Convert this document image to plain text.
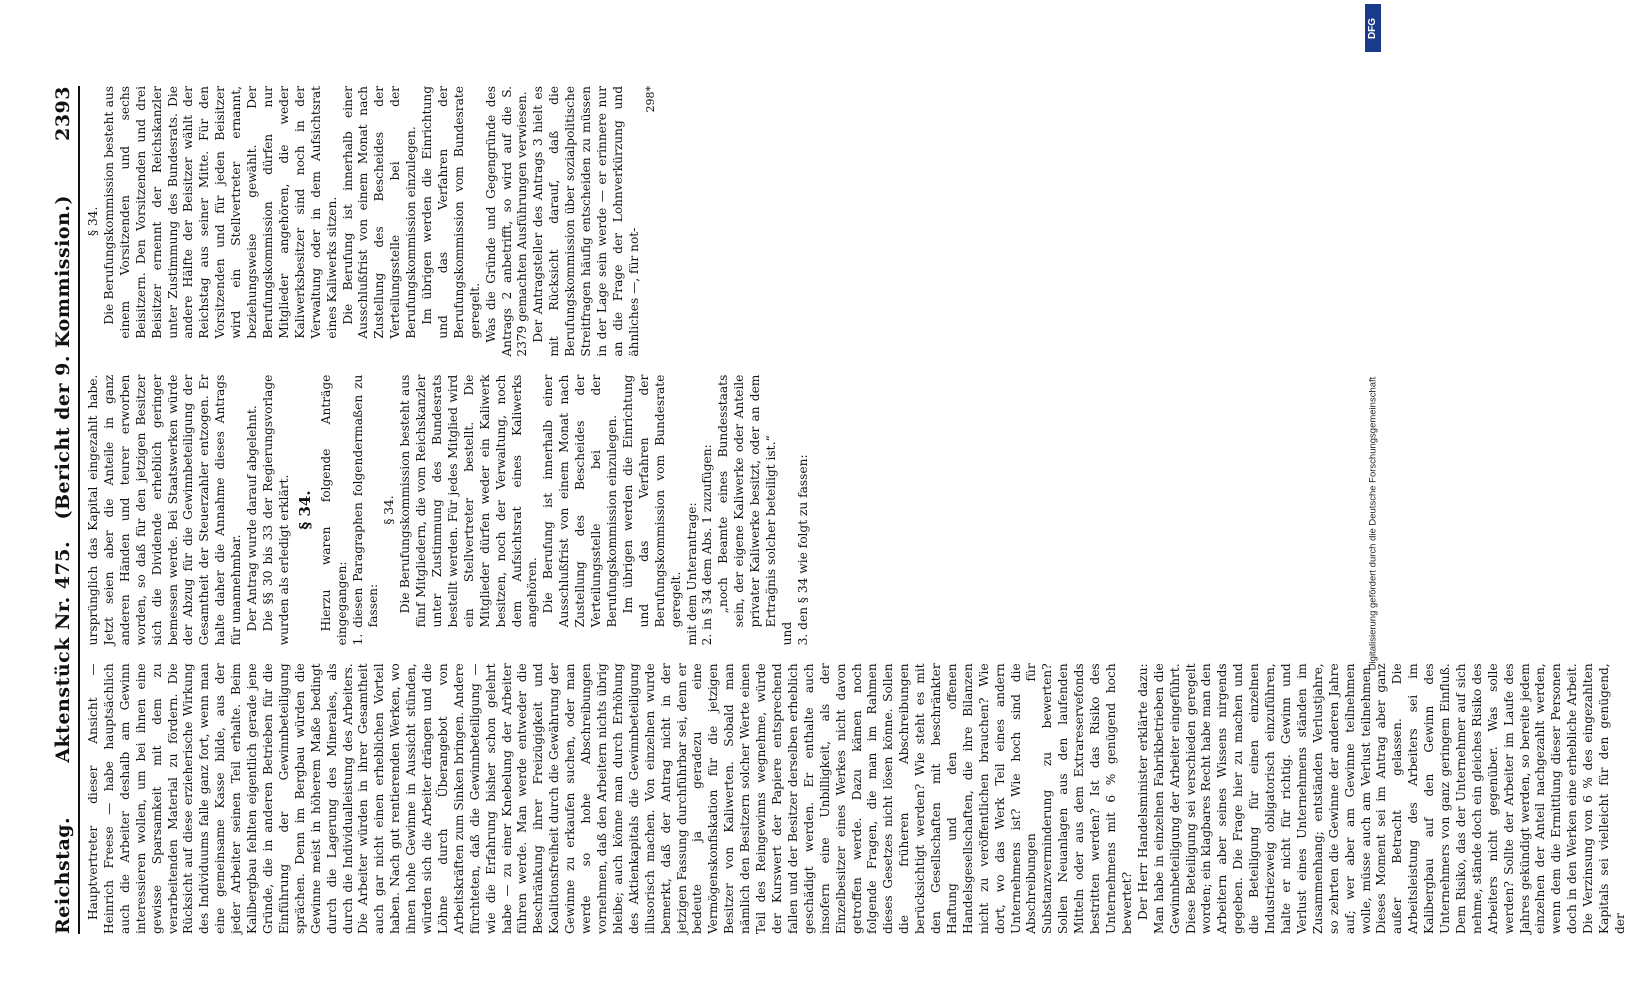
Reichstag.
Aktenstück Nr. 475.   (Bericht der 9. Kommission.)
2393

Hauptvertreter dieser Ansicht — Heinrich Freese — habe hauptsächlich auch die Arbeiter deshalb am Gewinn interessieren wollen, um bei ihnen eine gewisse Sparsamkeit mit dem zu verarbeitenden Material zu fördern. Die Rücksicht auf diese erzieherische Wirkung des Individuums falle ganz fort, wenn man eine gemeinsame Kasse bilde, aus der jeder Arbeiter seinen Teil erhalte. Beim Kalibergbau fehlten eigentlich gerade jene Gründe, die in anderen Betrieben für die Einführung der Gewinnbeteiligung sprächen. Denn im Bergbau würden die Gewinne meist in höherem Maße bedingt durch die Lagerung des Minerales, als durch die Individualleistung des Arbeiters. Die Arbeiter würden in ihrer Gesamtheit auch gar nicht einen erheblichen Vorteil haben. Nach gut rentierenden Werken, wo ihnen hohe Gewinne in Aussicht stünden, würden sich die Arbeiter drängen und die Löhne durch Überangebot von Arbeitskräften zum Sinken bringen. Andere fürchteten, daß die Gewinnbeteiligung — wie die Erfahrung bisher schon gelehrt habe — zu einer Knebelung der Arbeiter führen werde. Man werde entweder die Beschränkung ihrer Freizügigkeit und Koalitionsfreiheit durch die Gewährung der Gewinne zu erkaufen suchen, oder man werde so hohe Abschreibungen vornehmen, daß den Arbeitern nichts übrig bleibe; auch könne man durch Erhöhung des Aktienkapitals die Gewinnbeteiligung illusorisch machen. Von einzelnen wurde bemerkt, daß der Antrag nicht in der jetzigen Fassung durchführbar sei, denn er bedeute ja geradezu eine Vermögenskonfiskation für die jetzigen Besitzer von Kaliwerten. Sobald man nämlich den Besitzern solcher Werte einen Teil des Reingewinns wegnehme, würde der Kurswert der Papiere entsprechend fallen und der Besitzer derselben erheblich geschädigt werden. Er enthalte auch insofern eine Unbilligkeit, als der Einzelbesitzer eines Werkes nicht davon getroffen werde. Dazu kämen noch folgende Fragen, die man im Rahmen dieses Gesetzes nicht lösen könne. Sollen die früheren Abschreibungen berücksichtigt werden? Wie steht es mit den Gesellschaften mit beschränkter Haftung und den offenen Handelsgesellschaften, die ihre Bilanzen nicht zu veröffentlichen brauchen? Wie dort, wo das Werk Teil eines andern Unternehmens ist? Wie hoch sind die Abschreibungen für Substanzverminderung zu bewerten? Sollen Neuanlagen aus den laufenden Mitteln oder aus dem Extrareservefonds bestritten werden? Ist das Risiko des Unternehmens mit 6 % genügend hoch bewertet? Der Herr Handelsminister erklärte dazu: Man habe in einzelnen Fabrikbetrieben die Gewinnbeteiligung der Arbeiter eingeführt. Diese Beteiligung sei verschieden geregelt worden; ein klagbares Recht habe man den Arbeitern aber seines Wissens nirgends gegeben. Die Frage hier zu machen und die Beteiligung für einen einzelnen Industriezweig obligatorisch einzuführen, halte er nicht für richtig. Gewinn und Verlust eines Unternehmens ständen im Zusammenhang; entständen Verlustjahre, so zehrten die Gewinne der anderen Jahre auf; wer aber am Gewinne teilnehmen wolle, müsse auch am Verlust teilnehmen. Dieses Moment sei im Antrag aber ganz außer Betracht gelassen. Die Arbeitsleistung des Arbeiters sei im Kalibergbau auf den Gewinn des Unternehmers von ganz geringem Einfluß. Dem Risiko, das der Unternehmer auf sich nehme, stände doch ein gleiches Risiko des Arbeiters nicht gegenüber. Was solle werden? Sollte der Arbeiter im Laufe des Jahres gekündigt werden, so bereite jedem einzelnen der Anteil nachgezahlt werden, wenn dem die Ermittlung dieser Personen doch in den Werken eine erhebliche Arbeit. Die Verzinsung von 6 % des eingezahlten Kapitals sei vielleicht für den genügend, der

ursprünglich das Kapital eingezahlt habe. Jetzt seien aber die Anteile in ganz anderen Händen und teurer erworben worden, so daß für den jetzigen Besitzer sich die Dividende erheblich geringer bemessen werde. Bei Staatswerken würde der Abzug für die Gewinnbeteiligung der Gesamtheit der Steuerzahler entzogen. Er halte daher die Annahme dieses Antrags für unannehmbar. Der Antrag wurde darauf abgelehnt. Die §§ 30 bis 33 der Regierungsvorlage wurden als erledigt erklärt. § 34. Hierzu waren folgende Anträge eingegangen: 1. diesen Paragraphen folgendermaßen zu fassen:

§ 34. Die Berufungskommission besteht aus fünf Mitgliedern, die vom Reichskanzler unter Zustimmung des Bundesrats bestellt werden. Für jedes Mitglied wird ein Stellvertreter bestellt. Die Mitglieder dürfen weder ein Kaliwerk besitzen, noch der Verwaltung, noch dem Aufsichtsrat eines Kaliwerks angehören. Die Berufung ist innerhalb einer Ausschlußfrist von einem Monat nach Zustellung des Bescheides der Verteilungsstelle bei der Berufungskommission einzulegen. Im übrigen werden die Einrichtung und das Verfahren der Berufungskommission vom Bundesrate geregelt. mit dem Unterantrage: 2. in § 34 dem Abs. 1 zuzufügen: „noch Beamte eines Bundesstaats sein, der eigene Kaliwerke oder Anteile privater Kaliwerke besitzt, oder an dem Ertrag̈nis solcher beteiligt ist.“

und 3. den § 34 wie folgt zu fassen:

§ 34. Die Berufungskommission besteht aus einem Vorsitzenden und sechs Beisitzern. Den Vorsitzenden und drei Beisitzer ernennt der Reichskanzler unter Zustimmung des Bundesrats. Die andere Hälfte der Beisitzer wählt der Reichstag aus seiner Mitte. Für den Vorsitzenden und für jeden Beisitzer wird ein Stellvertreter ernannt, beziehungsweise gewählt. Der Berufungskommission dürfen nur Mitglieder angehören, die weder Kaliwerksbesitzer sind noch in der Verwaltung oder in dem Aufsichtsrat eines Kaliwerks sitzen. Die Berufung ist innerhalb einer Ausschlußfrist von einem Monat nach Zustellung des Bescheides der Verteilungsstelle bei der Berufungskommission einzulegen. Im übrigen werden die Einrichtung und das Verfahren der Berufungskommission vom Bundesrate geregelt. Was die Gründe und Gegengründe des Antrags 2 anbetrifft, so wird auf die S. 2379 gemachten Ausführungen verwiesen. Der Antragsteller des Antrags 3 hielt es mit Rücksicht darauf, daß die Berufungskommission über sozialpolitische Streitfragen häufig entscheiden zu müssen in der Lage sein werde — er erinnere nur an die Frage der Lohnverkürzung und ähnliches —, für not-

298*

DFG
Digitalisierung gefördert durch die Deutsche Forschungsgemeinschaft
